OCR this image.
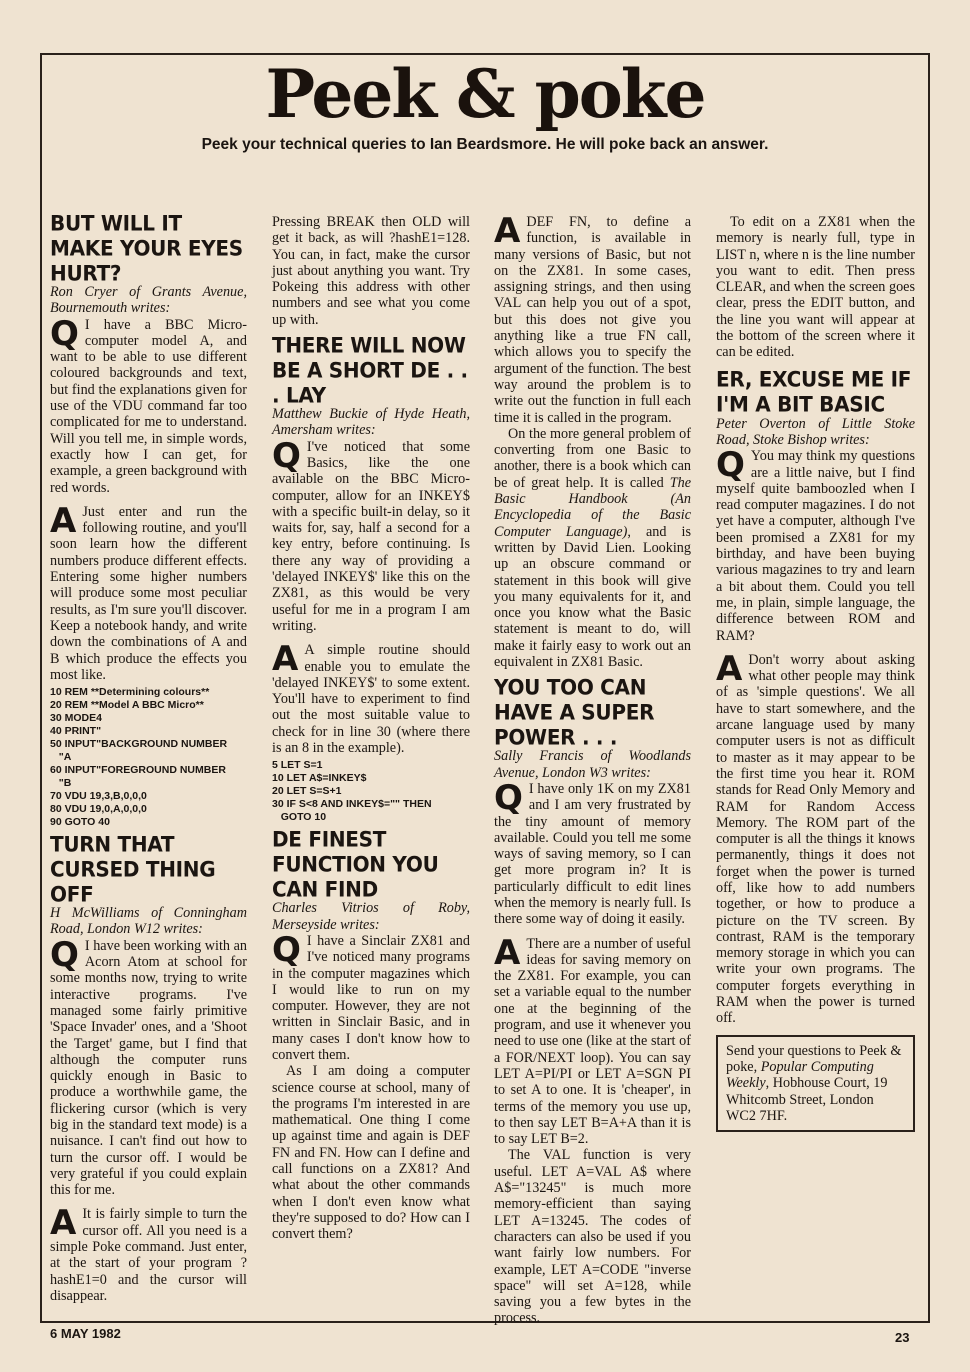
Peek & poke
Peek your technical queries to Ian Beardsmore. He will poke back an answer.
BUT WILL IT MAKE YOUR EYES HURT?

Ron Cryer of Grants Avenue, Bournemouth writes:

Q I have a BBC Micro-computer model A, and want to be able to use different coloured backgrounds and text, but find the explanations given for use of the VDU command far too complicated for me to understand. Will you tell me, in simple words, exactly how I can get, for example, a green background with red words.

A Just enter and run the following routine, and you'll soon learn how the different numbers produce different effects. Entering some higher numbers will produce some most peculiar results, as I'm sure you'll discover. Keep a notebook handy, and write down the combinations of A and B which produce the effects you most like.

10 REM **Determining colours**
20 REM **Model A BBC Micro**
30 MODE4
40 PRINT"
50 INPUT"BACKGROUND NUMBER
"A
60 INPUT"FOREGROUND NUMBER
"B
70 VDU 19,3,B,0,0,0
80 VDU 19,0,A,0,0,0
90 GOTO 40
TURN THAT CURSED THING OFF

H McWilliams of Conningham Road, London W12 writes:

Q I have been working with an Acorn Atom at school for some months now, trying to write interactive programs. I've managed some fairly primitive 'Space Invader' ones, and a 'Shoot the Target' game, but I find that although the computer runs quickly enough in Basic to produce a worthwhile game, the flickering cursor (which is very big in the standard text mode) is a nuisance. I can't find out how to turn the cursor off. I would be very grateful if you could explain this for me.

A It is fairly simple to turn the cursor off. All you need is a simple Poke command. Just enter, at the start of your program ?hashE1=0 and the cursor will disappear.

Pressing BREAK then OLD will get it back, as will ?hashE1=128. You can, in fact, make the cursor just about anything you want. Try Pokeing this address with other numbers and see what you come up with.

THERE WILL NOW BE A SHORT DE . . . LAY

Matthew Buckie of Hyde Heath, Amersham writes:

Q I've noticed that some Basics, like the one available on the BBC Micro-computer, allow for an INKEY$ with a specific built-in delay, so it waits for, say, half a second for a key entry, before continuing. Is there any way of providing a 'delayed INKEY$' like this on the ZX81, as this would be very useful for me in a program I am writing.

A A simple routine should enable you to emulate the 'delayed INKEY$' to some extent. You'll have to experiment to find out the most suitable value to check for in line 30 (where there is an 8 in the example).

5 LET S=1
10 LET A$=INKEY$
20 LET S=S+1
30 IF S<8 AND INKEY$="" THEN
GOTO 10
DE FINEST FUNCTION YOU CAN FIND

Charles Vitrios of Roby, Merseyside writes:

Q I have a Sinclair ZX81 and I've noticed many programs in the computer magazines which I would like to run on my computer. However, they are not written in Sinclair Basic, and in many cases I don't know how to convert them.

As I am doing a computer science course at school, many of the programs I'm interested in are mathematical. One thing I come up against time and again is DEF FN and FN. How can I define and call functions on a ZX81? And what about the other commands when I don't even know what they're supposed to do? How can I convert them?

ADEF FN, to define a function, is available in many versions of Basic, but not on the ZX81. In some cases, assigning strings, and then using VAL can help you out of a spot, but this does not give you anything like a true FN call, which allows you to specify the argument of the function. The best way around the problem is to write out the function in full each time it is called in the program.

On the more general problem of converting from one Basic to another, there is a book which can be of great help. It is called The Basic Handbook (An Encyclopedia of the Basic Computer Language), and is written by David Lien. Looking up an obscure command or statement in this book will give you many equivalents for it, and once you know what the Basic statement is meant to do, will make it fairly easy to work out an equivalent in ZX81 Basic.

YOU TOO CAN HAVE A SUPER POWER . . .

Sally Francis of Woodlands Avenue, London W3 writes:

Q I have only 1K on my ZX81 and I am very frustrated by the tiny amount of memory available. Could you tell me some ways of saving memory, so I can get more program in? It is particularly difficult to edit lines when the memory is nearly full. Is there some way of doing it easily.

A There are a number of useful ideas for saving memory on the ZX81. For example, you can set a variable equal to the number one at the beginning of the program, and use it whenever you need to use one (like at the start of a FOR/NEXT loop). You can say LET A=PI/PI or LET A=SGN PI to set A to one. It is 'cheaper', in terms of the memory you use up, to then say LET B=A+A than it is to say LET B=2.

The VAL function is very useful. LET A=VAL A$ where A$="13245" is much more memory-efficient than saying LET A=13245. The codes of characters can also be used if you want fairly low numbers. For example, LET A=CODE "inverse space" will set A=128, while saving you a few bytes in the process.

To edit on a ZX81 when the memory is nearly full, type in LIST n, where n is the line number you want to edit. Then press CLEAR, and when the screen goes clear, press the EDIT button, and the line you want will appear at the bottom of the screen where it can be edited.

ER, EXCUSE ME IF I'M A BIT BASIC

Peter Overton of Little Stoke Road, Stoke Bishop writes:

Q You may think my questions are a little naive, but I find myself quite bamboozled when I read computer magazines. I do not yet have a computer, although I've been promised a ZX81 for my birthday, and have been buying various magazines to try and learn a bit about them. Could you tell me, in plain, simple language, the difference between ROM and RAM?

A Don't worry about asking what other people may think of as 'simple questions'. We all have to start somewhere, and the arcane language used by many computer users is not as difficult to master as it may appear to be the first time you hear it. ROM stands for Read Only Memory and RAM for Random Access Memory. The ROM part of the computer is all the things it knows permanently, things it does not forget when the power is turned off, like how to add numbers together, or how to produce a picture on the TV screen. By contrast, RAM is the temporary memory storage in which you can write your own programs. The computer forgets everything in RAM when the power is turned off.

Send your questions to Peek & poke, Popular Computing Weekly, Hobhouse Court, 19 Whitcomb Street, London WC2 7HF.
6 MAY 1982	23
